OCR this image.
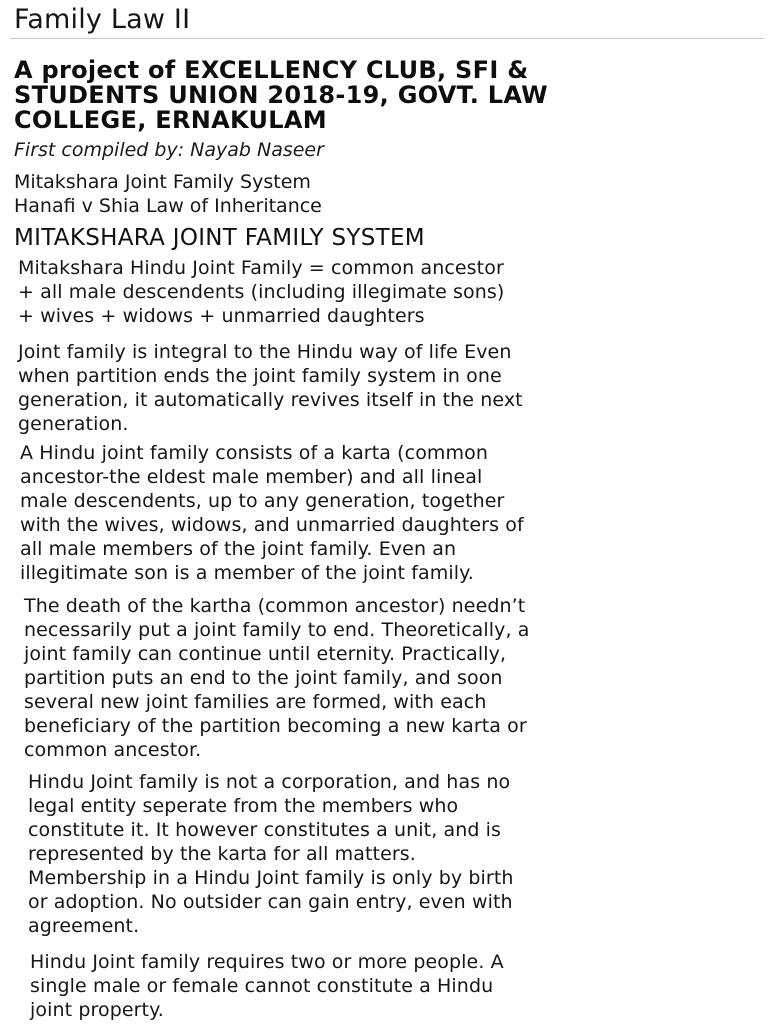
Family Law II
A project of EXCELLENCY CLUB, SFI &
STUDENTS UNION 2018-19, GOVT. LAW
COLLEGE, ERNAKULAM
First compiled by: Nayab Naseer
Mitakshara Joint Family System
Hanafi v Shia Law of Inheritance
MITAKSHARA JOINT FAMILY SYSTEM
Mitakshara Hindu Joint Family = common ancestor
+ all male descendents (including illegimate sons)
+ wives + widows + unmarried daughters
Joint family is integral to the Hindu way of life Even
when partition ends the joint family system in one
generation, it automatically revives itself in the next
generation.
A Hindu joint family consists of a karta (common
ancestor-the eldest male member) and all lineal
male descendents, up to any generation, together
with the wives, widows, and unmarried daughters of
all male members of the joint family. Even an
illegitimate son is a member of the joint family.
The death of the kartha (common ancestor) needn’t
necessarily put a joint family to end. Theoretically, a
joint family can continue until eternity. Practically,
partition puts an end to the joint family, and soon
several new joint families are formed, with each
beneficiary of the partition becoming a new karta or
common ancestor.
Hindu Joint family is not a corporation, and has no
legal entity seperate from the members who
constitute it. It however constitutes a unit, and is
represented by the karta for all matters.
Membership in a Hindu Joint family is only by birth
or adoption. No outsider can gain entry, even with
agreement.
Hindu Joint family requires two or more people. A
single male or female cannot constitute a Hindu
joint property.
